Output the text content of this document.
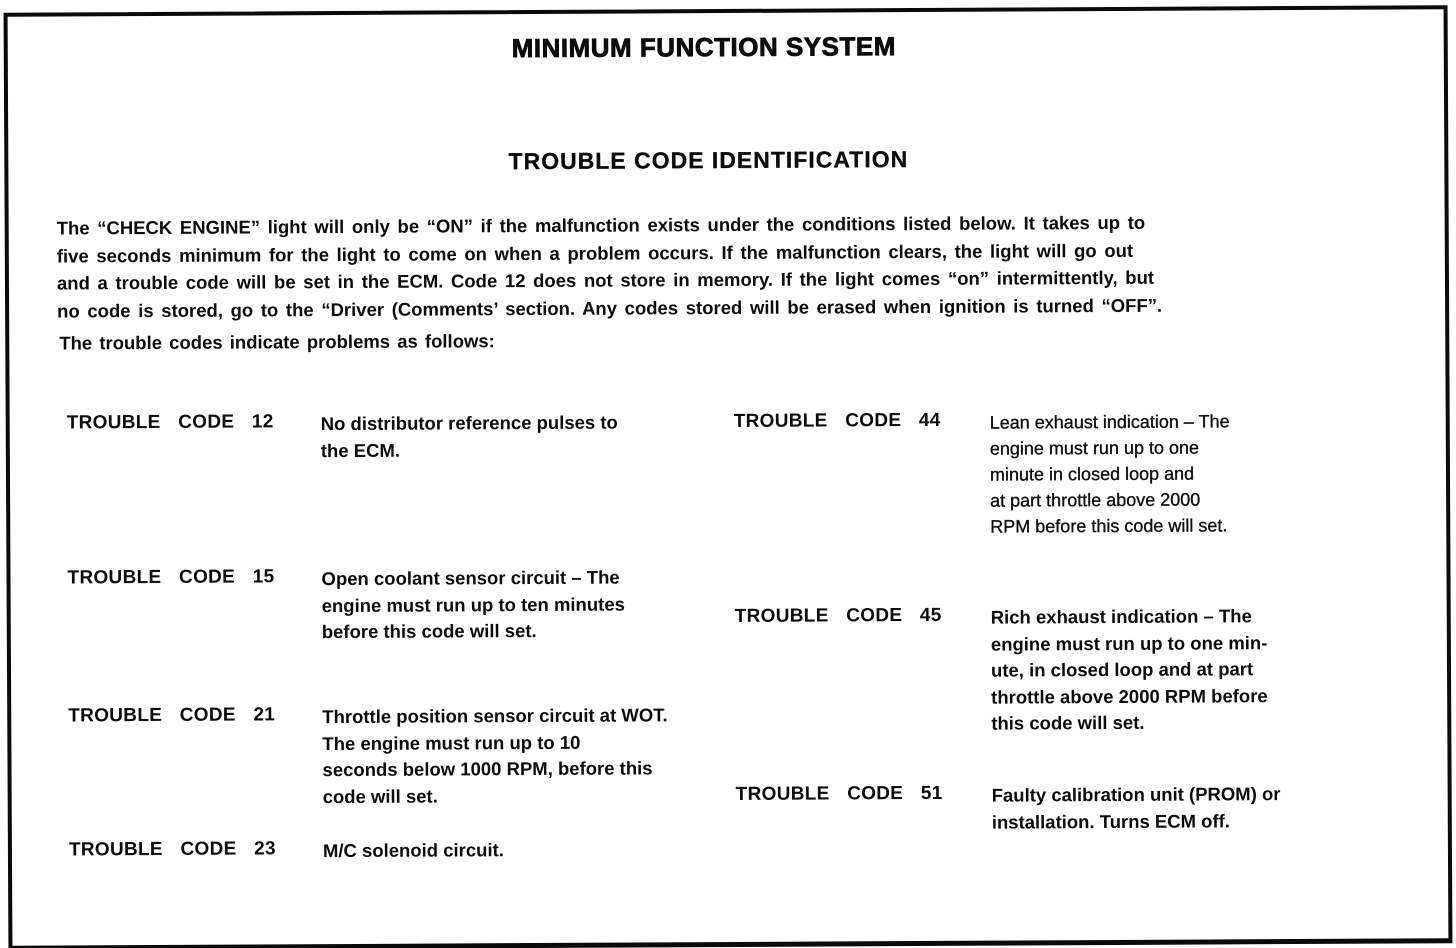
MINIMUM FUNCTION SYSTEM
TROUBLE CODE IDENTIFICATION
The “CHECK ENGINE” light will only be “ON” if the malfunction exists under the conditions listed below. It takes up to
five seconds minimum for the light to come on when a problem occurs. If the malfunction clears, the light will go out
and a trouble code will be set in the ECM. Code 12 does not store in memory. If the light comes “on” intermittently, but
no code is stored, go to the “Driver (Comments’ section. Any codes stored will be erased when ignition is turned “OFF”.
The trouble codes indicate problems as follows:
TROUBLE CODE 12	No distributor reference pulses to
the ECM.
TROUBLE CODE 15	Open coolant sensor circuit – The
engine must run up to ten minutes
before this code will set.
TROUBLE CODE 21	Throttle position sensor circuit at WOT.
The engine must run up to 10
seconds below 1000 RPM, before this
code will set.
TROUBLE CODE 23	M/C solenoid circuit.
TROUBLE CODE 44	Lean exhaust indication – The
engine must run up to one
minute in closed loop and
at part throttle above 2000
RPM before this code will set.
TROUBLE CODE 45	Rich exhaust indication – The
engine must run up to one min-
ute, in closed loop and at part
throttle above 2000 RPM before
this code will set.
TROUBLE CODE 51	Faulty calibration unit (PROM) or
installation. Turns ECM off.
